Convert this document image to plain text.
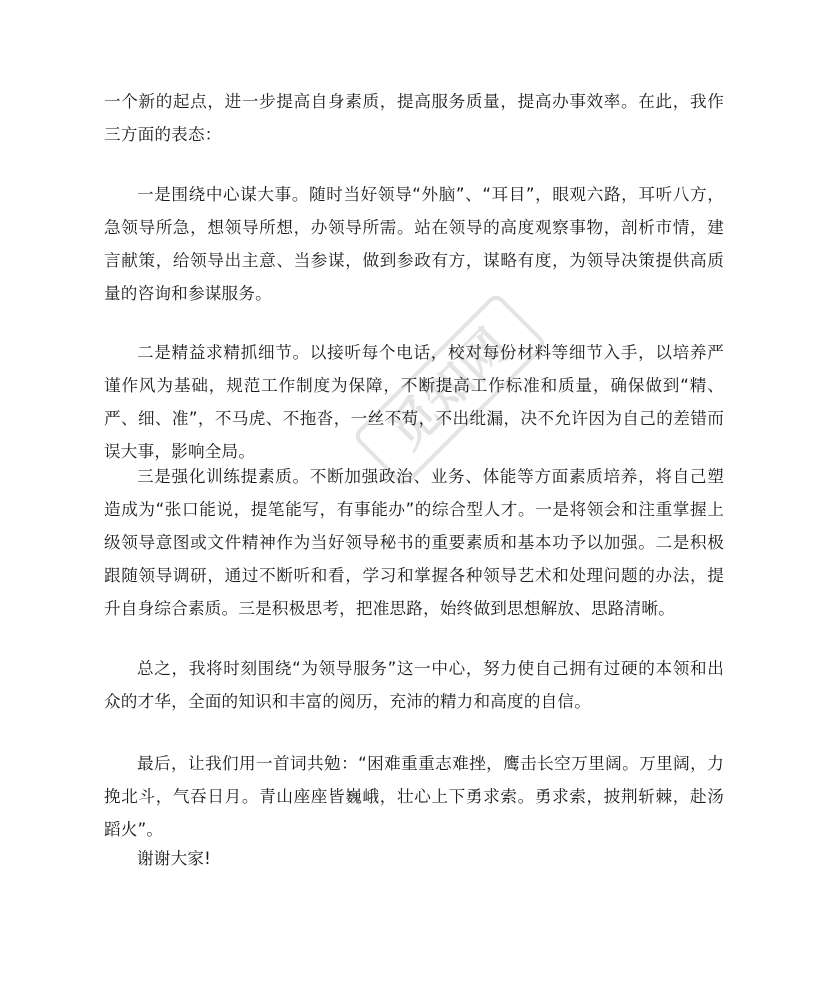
觅知网

一个新的起点，进一步提高自身素质，提高服务质量，提高办事效率。在此，我作三方面的表态：

一是围绕中心谋大事。随时当好领导“外脑”、“耳目”，眼观六路，耳听八方，急领导所急，想领导所想，办领导所需。站在领导的高度观察事物，剖析市情，建言献策，给领导出主意、当参谋，做到参政有方，谋略有度，为领导决策提供高质量的咨询和参谋服务。

二是精益求精抓细节。以接听每个电话，校对每份材料等细节入手，以培养严谨作风为基础，规范工作制度为保障，不断提高工作标准和质量，确保做到“精、严、细、准”，不马虎、不拖沓，一丝不苟，不出纰漏，决不允许因为自己的差错而误大事，影响全局。

三是强化训练提素质。不断加强政治、业务、体能等方面素质培养，将自己塑造成为“张口能说，提笔能写，有事能办”的综合型人才。一是将领会和注重掌握上级领导意图或文件精神作为当好领导秘书的重要素质和基本功予以加强。二是积极跟随领导调研，通过不断听和看，学习和掌握各种领导艺术和处理问题的办法，提升自身综合素质。三是积极思考，把准思路，始终做到思想解放、思路清晰。

总之，我将时刻围绕“为领导服务”这一中心，努力使自己拥有过硬的本领和出众的才华，全面的知识和丰富的阅历，充沛的精力和高度的自信。

最后，让我们用一首词共勉：“困难重重志难挫，鹰击长空万里阔。万里阔，力挽北斗，气吞日月。青山座座皆巍峨，壮心上下勇求索。勇求索，披荆斩棘，赴汤蹈火”。

谢谢大家!
